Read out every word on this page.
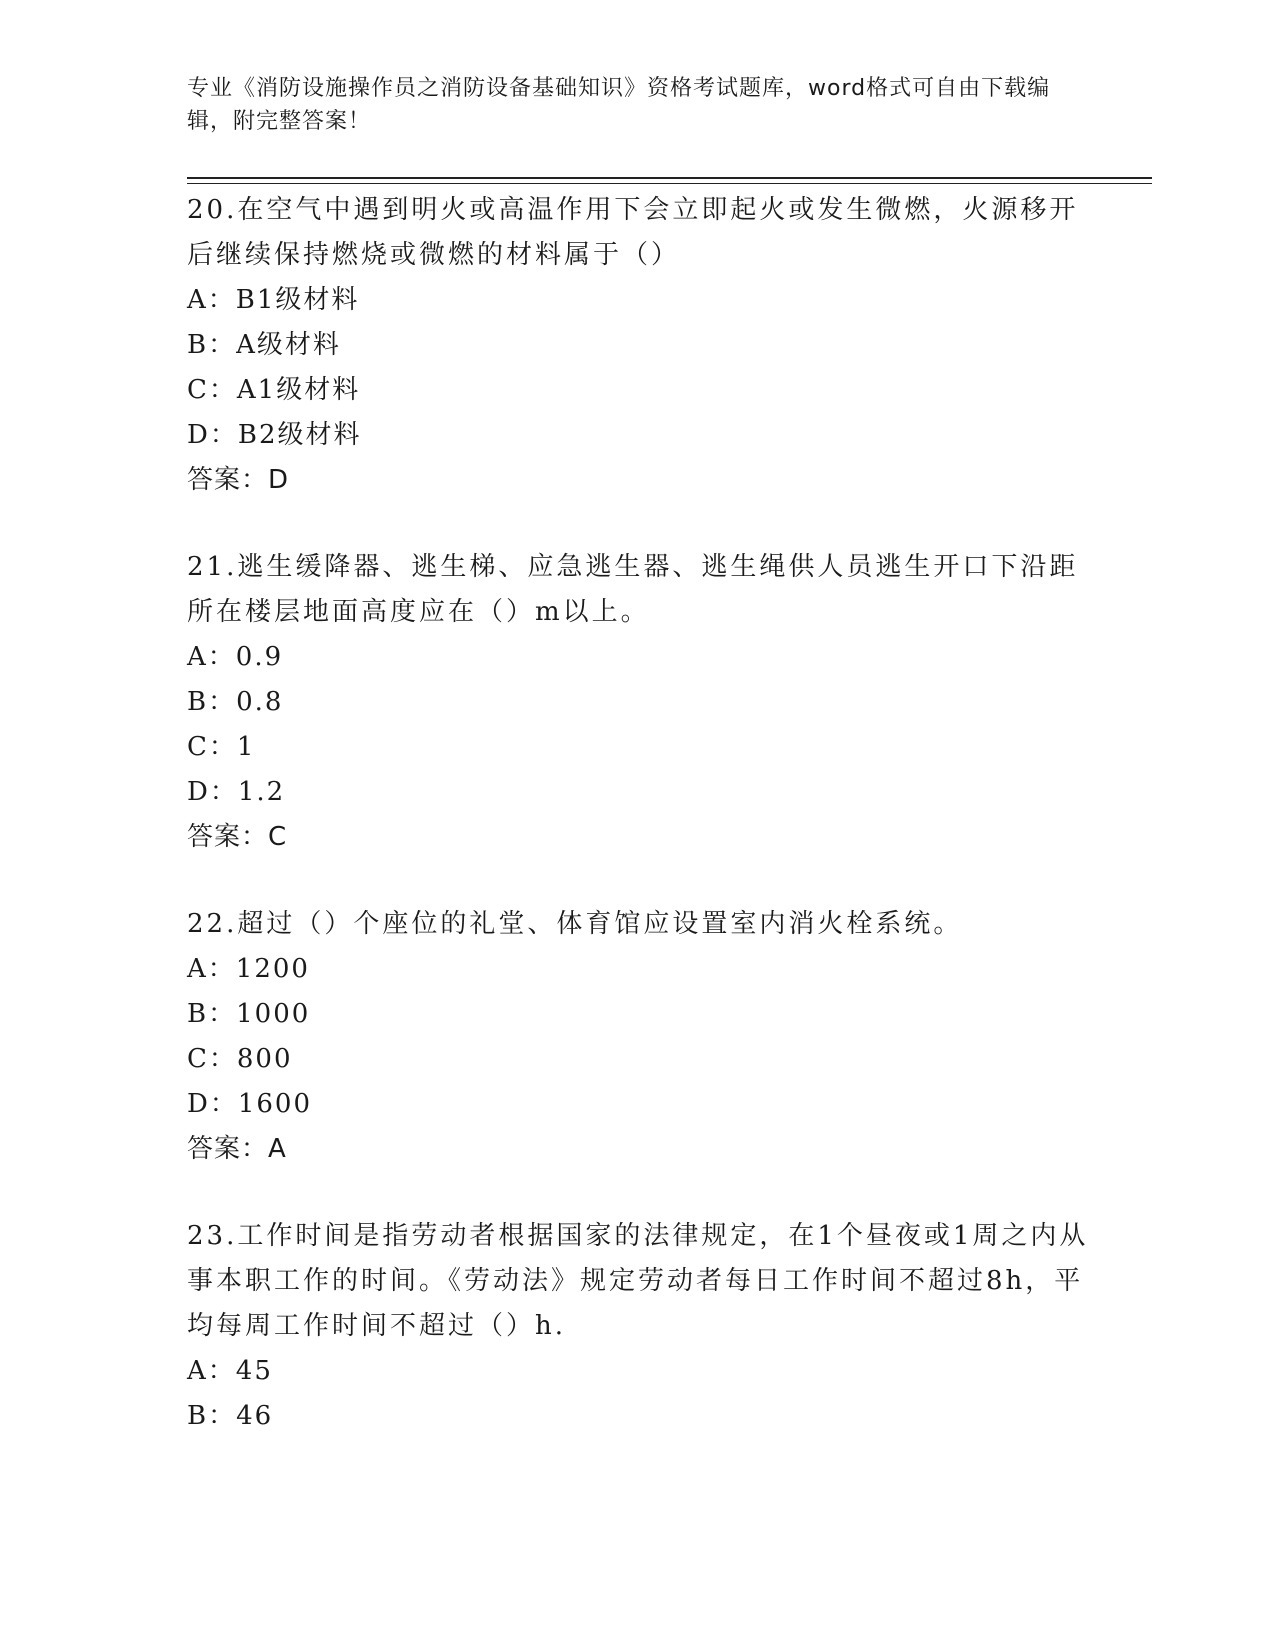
专业《消防设施操作员之消防设备基础知识》资格考试题库，word格式可自由下载编辑，附完整答案！

20.在空气中遇到明火或高温作用下会立即起火或发生微燃，火源移开后继续保持燃烧或微燃的材料属于（）

A：B1级材料
B：A级材料
C：A1级材料
D：B2级材料
答案：D

21.逃生缓降器、逃生梯、应急逃生器、逃生绳供人员逃生开口下沿距所在楼层地面高度应在（）m以上。

A：0.9
B：0.8
C：1
D：1.2
答案：C

22.超过（）个座位的礼堂、体育馆应设置室内消火栓系统。

A：1200
B：1000
C：800
D：1600
答案：A

23.工作时间是指劳动者根据国家的法律规定，在1个昼夜或1周之内从事本职工作的时间。《劳动法》规定劳动者每日工作时间不超过8h，平均每周工作时间不超过（）h.

A：45
B：46
